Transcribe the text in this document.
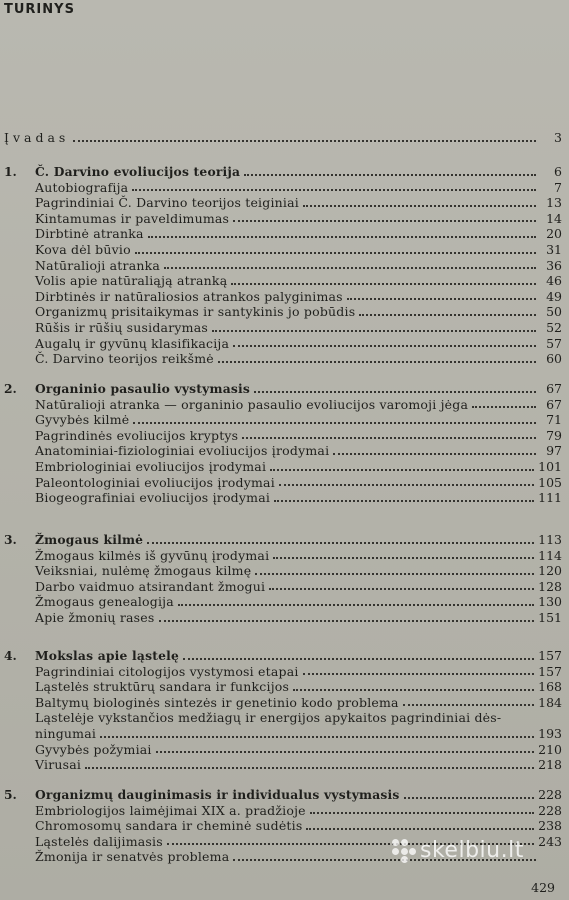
TURINYS
Įvadas	3
1.	Č. Darvino evoliucijos teorija	6
Autobiografija	7
Pagrindiniai Č. Darvino teorijos teiginiai	13
Kintamumas ir paveldimumas	14
Dirbtinė atranka	20
Kova dėl būvio	31
Natūralioji atranka	36
Volis apie natūraliąją atranką	46
Dirbtinės ir natūraliosios atrankos palyginimas	49
Organizmų prisitaikymas ir santykinis jo pobūdis	50
Rūšis ir rūšių susidarymas	52
Augalų ir gyvūnų klasifikacija	57
Č. Darvino teorijos reikšmė	60
2.	Organinio pasaulio vystymasis	67
Natūralioji atranka — organinio pasaulio evoliucijos varomoji jėga	67
Gyvybės kilmė	71
Pagrindinės evoliucijos kryptys	79
Anatominiai-fiziologiniai evoliucijos įrodymai	97
Embriologiniai evoliucijos įrodymai	101
Paleontologiniai evoliucijos įrodymai	105
Biogeografiniai evoliucijos įrodymai	111
3.	Žmogaus kilmė	113
Žmogaus kilmės iš gyvūnų įrodymai	114
Veiksniai, nulėmę žmogaus kilmę	120
Darbo vaidmuo atsirandant žmogui	128
Žmogaus genealogija	130
Apie žmonių rases	151
4.	Mokslas apie ląstelę	157
Pagrindiniai citologijos vystymosi etapai	157
Ląstelės struktūrų sandara ir funkcijos	168
Baltymų biologinės sintezės ir genetinio kodo problema	184
Ląstelėje vykstančios medžiagų ir energijos apykaitos pagrindiniai dės-
ningumai	193
Gyvybės požymiai	210
Virusai	218
5.	Organizmų dauginimasis ir individualus vystymasis	228
Embriologijos laimėjimai XIX a. pradžioje	228
Chromosomų sandara ir cheminė sudėtis	238
Ląstelės dalijimasis	243
Žmonija ir senatvės problema
429
skelbiu.lt
